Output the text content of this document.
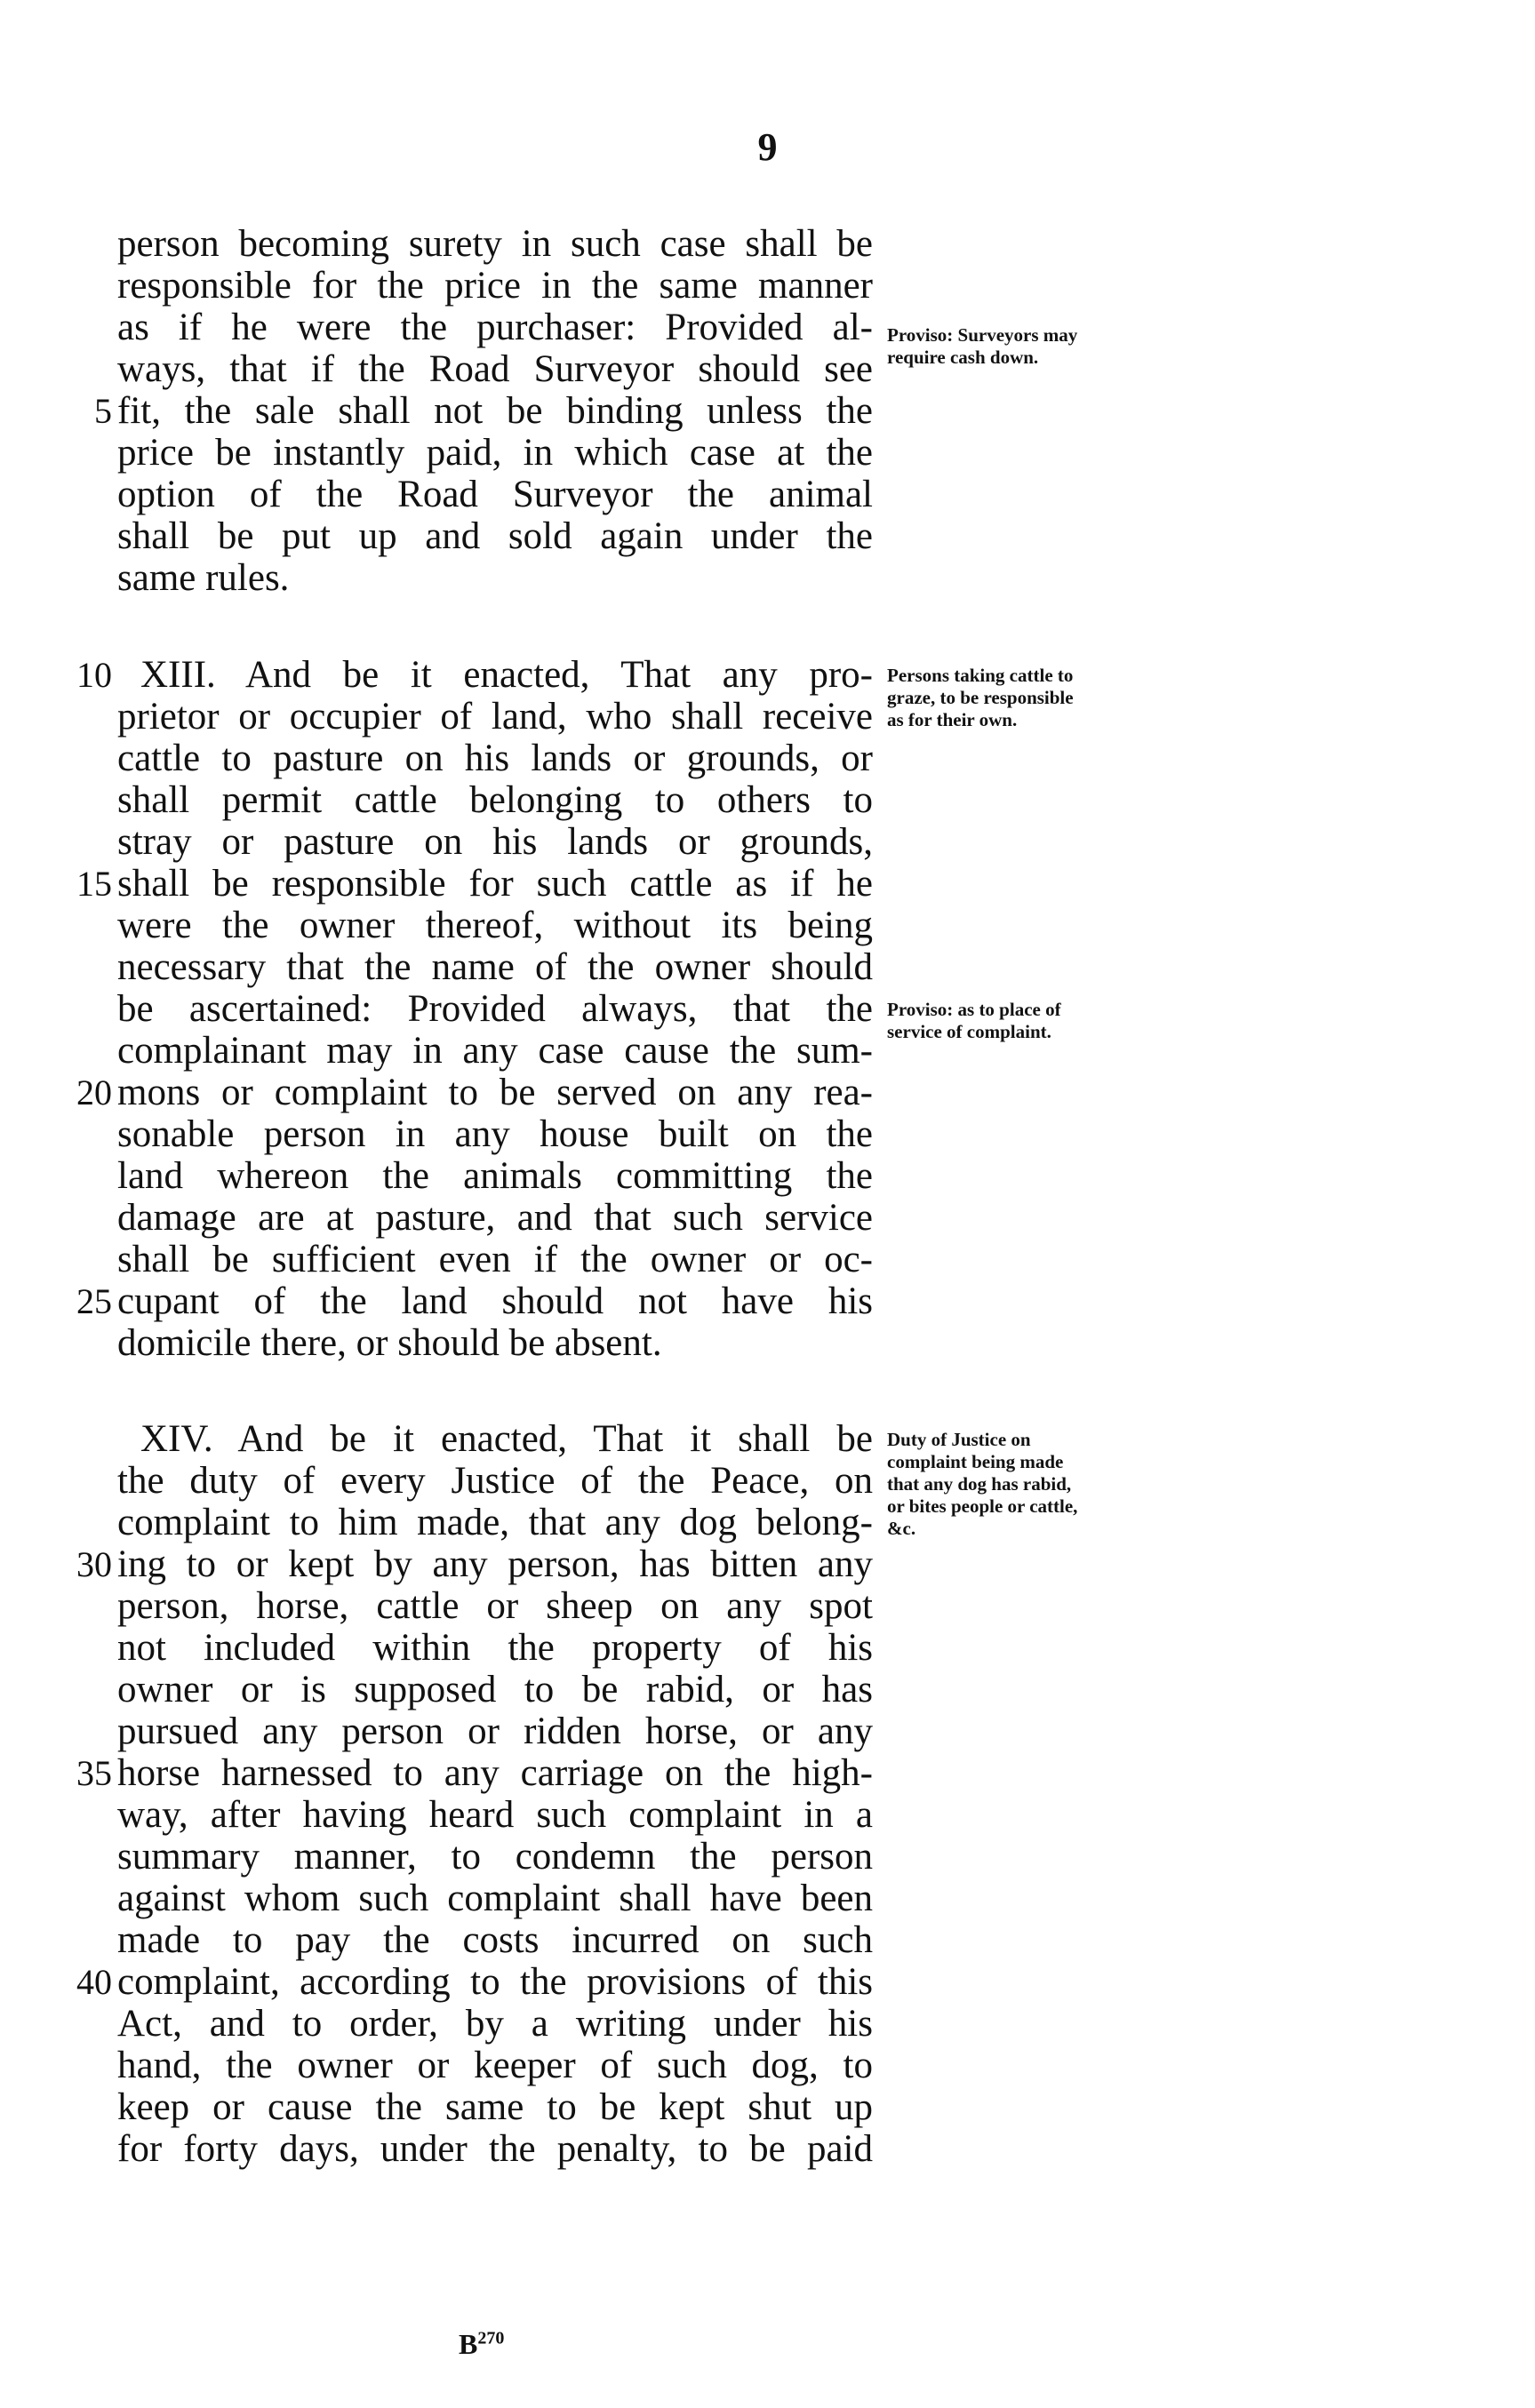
9
person becoming surety in such case shall be
responsible for the price in the same manner
as if he were the purchaser: Provided al-
ways, that if the Road Surveyor should see
fit, the sale shall not be binding unless the
price be instantly paid, in which case at the
option of the Road Surveyor the animal
shall be put up and sold again under the
same rules.
XIII. And be it enacted, That any pro-
prietor or occupier of land, who shall receive
cattle to pasture on his lands or grounds, or
shall permit cattle belonging to others to
stray or pasture on his lands or grounds,
shall be responsible for such cattle as if he
were the owner thereof, without its being
necessary that the name of the owner should
be ascertained: Provided always, that the
complainant may in any case cause the sum-
mons or complaint to be served on any rea-
sonable person in any house built on the
land whereon the animals committing the
damage are at pasture, and that such service
shall be sufficient even if the owner or oc-
cupant of the land should not have his
domicile there, or should be absent.
XIV. And be it enacted, That it shall be
the duty of every Justice of the Peace, on
complaint to him made, that any dog belong-
ing to or kept by any person, has bitten any
person, horse, cattle or sheep on any spot
not included within the property of his
owner or is supposed to be rabid, or has
pursued any person or ridden horse, or any
horse harnessed to any carriage on the high-
way, after having heard such complaint in a
summary manner, to condemn the person
against whom such complaint shall have been
made to pay the costs incurred on such
complaint, according to the provisions of this
Act, and to order, by a writing under his
hand, the owner or keeper of such dog, to
keep or cause the same to be kept shut up
for forty days, under the penalty, to be paid
5
10
15
20
25
30
35
40
Proviso: Surveyors may require cash down.
Persons taking cattle to graze, to be responsible as for their own.
Proviso: as to place of service of complaint.
Duty of Justice on complaint being made that any dog has rabid, or bites people or cattle, &c.
$B^{270}$
